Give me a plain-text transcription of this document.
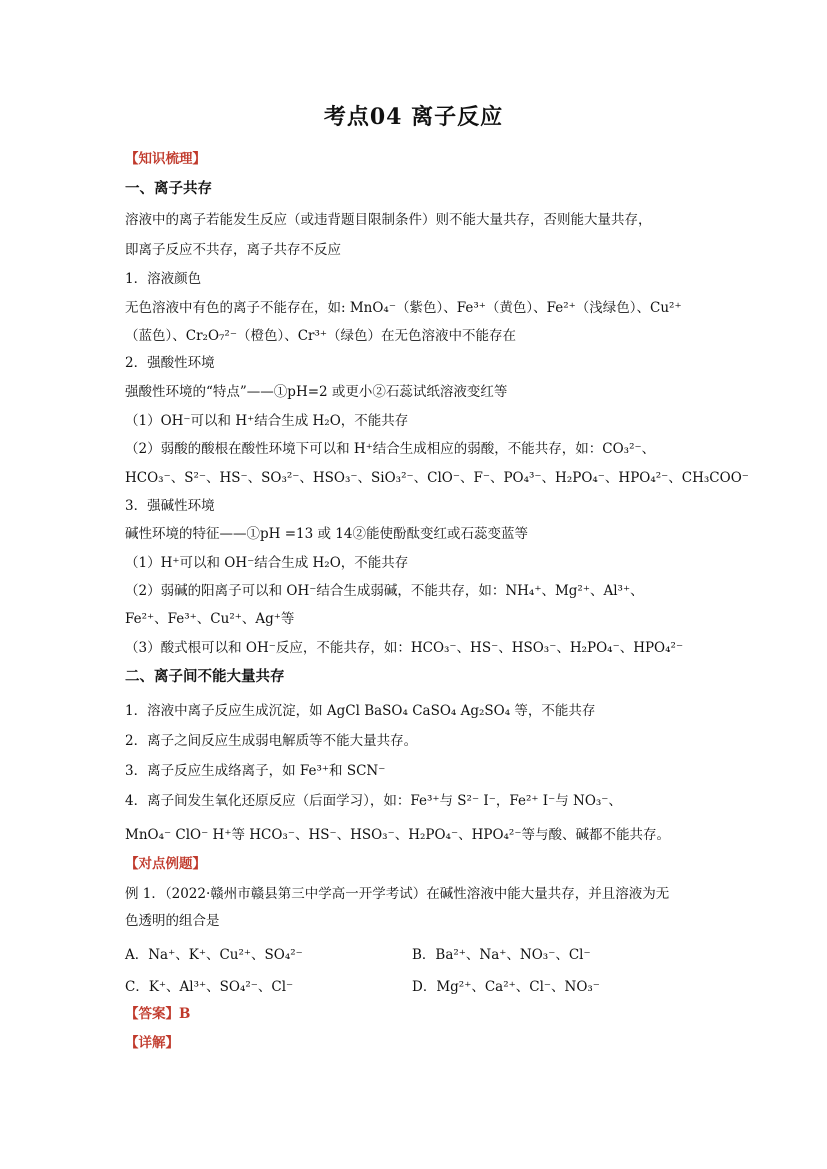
考点04 离子反应
【知识梳理】
一、离子共存
溶液中的离子若能发生反应（或违背题目限制条件）则不能大量共存，否则能大量共存，
即离子反应不共存，离子共存不反应
1．溶液颜色
无色溶液中有色的离子不能存在，如: MnO₄⁻（紫色）、Fe³⁺（黄色）、Fe²⁺（浅绿色）、Cu²⁺
（蓝色）、Cr₂O₇²⁻（橙色）、Cr³⁺（绿色）在无色溶液中不能存在
2．强酸性环境
强酸性环境的“特点”——①pH=2 或更小②石蕊试纸溶液变红等
（1）OH⁻可以和 H⁺结合生成 H₂O，不能共存
（2）弱酸的酸根在酸性环境下可以和 H⁺结合生成相应的弱酸，不能共存，如：CO₃²⁻、
HCO₃⁻、S²⁻、HS⁻、SO₃²⁻、HSO₃⁻、SiO₃²⁻、ClO⁻、F⁻、PO₄³⁻、H₂PO₄⁻、HPO₄²⁻、CH₃COO⁻
3．强碱性环境
碱性环境的特征——①pH =13 或 14②能使酚酞变红或石蕊变蓝等
（1）H⁺可以和 OH⁻结合生成 H₂O，不能共存
（2）弱碱的阳离子可以和 OH⁻结合生成弱碱，不能共存，如：NH₄⁺、Mg²⁺、Al³⁺、
Fe²⁺、Fe³⁺、Cu²⁺、Ag⁺等
（3）酸式根可以和 OH⁻反应，不能共存，如：HCO₃⁻、HS⁻、HSO₃⁻、H₂PO₄⁻、HPO₄²⁻
二、离子间不能大量共存
1．溶液中离子反应生成沉淀，如 AgCl BaSO₄ CaSO₄ Ag₂SO₄ 等，不能共存
2．离子之间反应生成弱电解质等不能大量共存。
3．离子反应生成络离子，如 Fe³⁺和 SCN⁻
4．离子间发生氧化还原反应（后面学习），如：Fe³⁺与 S²⁻ I⁻，Fe²⁺ I⁻与 NO₃⁻、
MnO₄⁻ ClO⁻ H⁺等 HCO₃⁻、HS⁻、HSO₃⁻、H₂PO₄⁻、HPO₄²⁻等与酸、碱都不能共存。
【对点例题】
例 1．（2022·赣州市赣县第三中学高一开学考试）在碱性溶液中能大量共存，并且溶液为无
色透明的组合是
A．Na⁺、K⁺、Cu²⁺、SO₄²⁻	B．Ba²⁺、Na⁺、NO₃⁻、Cl⁻
C．K⁺、Al³⁺、SO₄²⁻、Cl⁻	D．Mg²⁺、Ca²⁺、Cl⁻、NO₃⁻
【答案】B
【详解】
